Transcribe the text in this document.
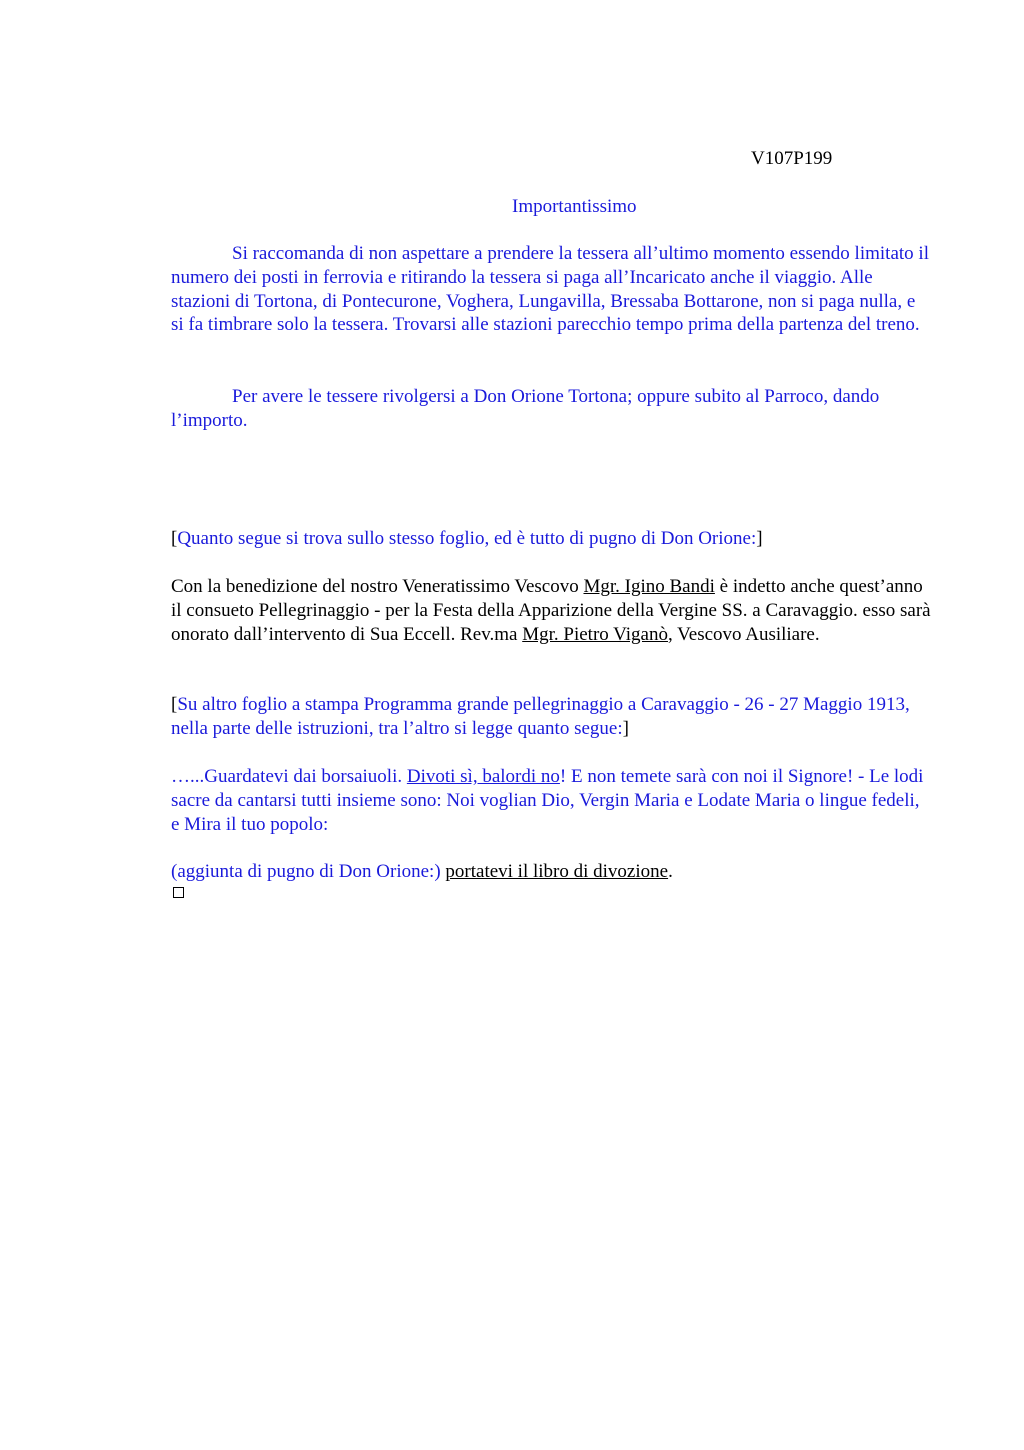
V107P199
Importantissimo

Si raccomanda di non aspettare a prendere la tessera all’ultimo momento essendo limitato il numero dei posti in ferrovia e ritirando la tessera si paga all’Incaricato anche il viaggio. Alle stazioni di Tortona, di Pontecurone, Voghera, Lungavilla, Bressaba Bottarone, non si paga nulla, e si fa timbrare solo la tessera. Trovarsi alle stazioni parecchio tempo prima della partenza del treno.

Per avere le tessere rivolgersi a Don Orione Tortona; oppure subito al Parroco, dando l’importo.

[Quanto segue si trova sullo stesso foglio, ed è tutto di pugno di Don Orione:]

Con la benedizione del nostro Veneratissimo Vescovo Mgr. Igino Bandi è indetto anche quest’anno il consueto Pellegrinaggio - per la Festa della Apparizione della Vergine SS. a Caravaggio. esso sarà onorato dall’intervento di Sua Eccell. Rev.ma Mgr. Pietro Viganò, Vescovo Ausiliare.

[Su altro foglio a stampa Programma grande pellegrinaggio a Caravaggio - 26 - 27 Maggio 1913, nella parte delle istruzioni, tra l’altro si legge quanto segue:]

…...Guardatevi dai borsaiuoli. Divoti sì, balordi no! E non temete sarà con noi il Signore! - Le lodi sacre da cantarsi tutti insieme sono: Noi voglian Dio, Vergin Maria e Lodate Maria o lingue fedeli, e Mira il tuo popolo:

(aggiunta di pugno di Don Orione:) portatevi il libro di divozione.
